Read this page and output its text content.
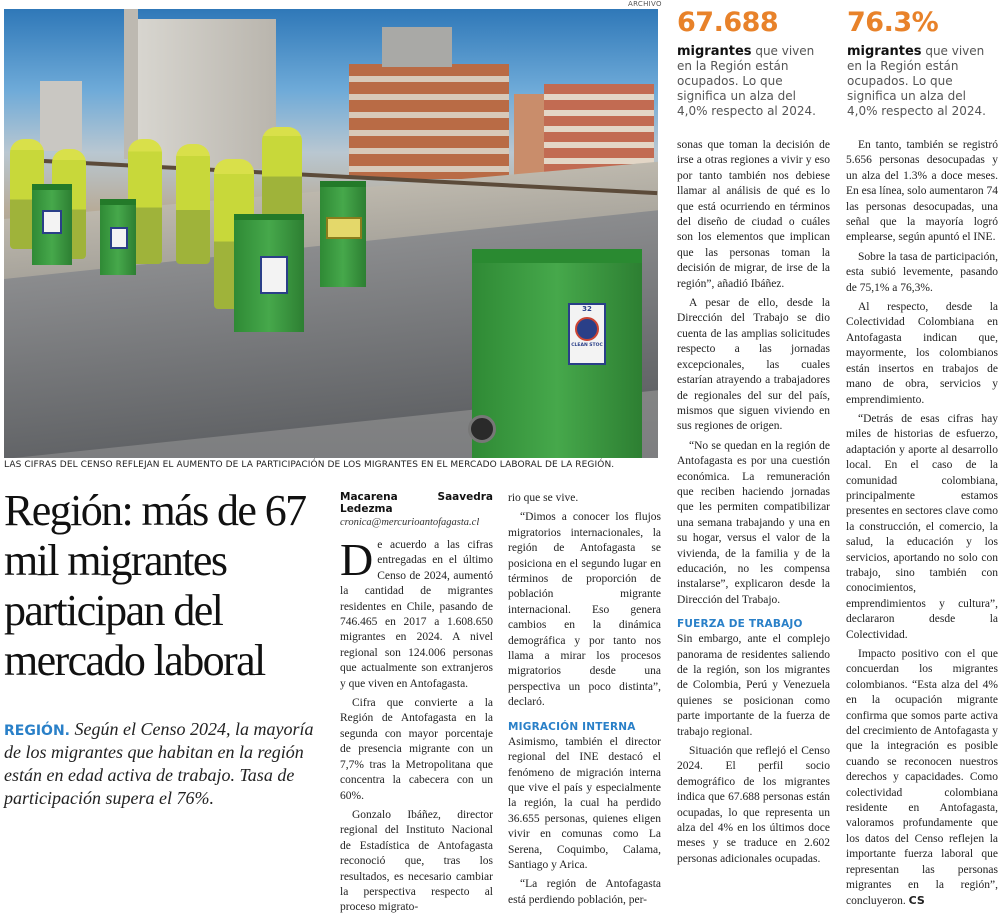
32
CLEAN STOC
ARCHIVO
LAS CIFRAS DEL CENSO REFLEJAN EL AUMENTO DE LA PARTICIPACIÓN DE LOS MIGRANTES EN EL MERCADO LABORAL DE LA REGIÓN.
67.688
migrantes que viven en la Región están ocupados. Lo que significa un alza del 4,0% respecto al 2024.
76.3%
migrantes que viven en la Región están ocupados. Lo que significa un alza del 4,0% respecto al 2024.
Región: más de 67 mil migrantes participan del mercado laboral
REGIÓN. Según el Censo 2024, la mayoría de los migrantes que habitan en la región están en edad activa de trabajo. Tasa de participación supera el 76%.
Macarena Saavedra Ledezma
cronica@mercurioantofagasta.cl

De acuerdo a las cifras entregadas en el último Censo de 2024, aumentó la cantidad de migrantes residentes en Chile, pasando de 746.465 en 2017 a 1.608.650 migrantes en 2024. A nivel regional son 124.006 personas que actualmente son extranjeros y que viven en Antofagasta.

Cifra que convierte a la Región de Antofagasta en la segunda con mayor porcentaje de presencia migrante con un 7,7% tras la Metropolitana que concentra la cabecera con un 60%.

Gonzalo Ibáñez, director regional del Instituto Nacional de Estadística de Antofagasta reconoció que, tras los resultados, es necesario cambiar la perspectiva respecto al proceso migrato-

rio que se vive.

“Dimos a conocer los flujos migratorios internacionales, la región de Antofagasta se posiciona en el segundo lugar en términos de proporción de población migrante internacional. Eso genera cambios en la dinámica demográfica y por tanto nos llama a mirar los procesos migratorios desde una perspectiva un poco distinta”, declaró.

MIGRACIÓN INTERNA

Asimismo, también el director regional del INE destacó el fenómeno de migración interna que vive el país y especialmente la región, la cual ha perdido 36.655 personas, quienes eligen vivir en comunas como La Serena, Coquimbo, Calama, Santiago y Arica.

“La región de Antofagasta está perdiendo población, per-

sonas que toman la decisión de irse a otras regiones a vivir y eso por tanto también nos debiese llamar al análisis de qué es lo que está ocurriendo en términos del diseño de ciudad o cuáles son los elementos que implican que las personas toman la decisión de migrar, de irse de la región”, añadió Ibáñez.

A pesar de ello, desde la Dirección del Trabajo se dio cuenta de las amplias solicitudes respecto a las jornadas excepcionales, las cuales estarían atrayendo a trabajadores de regionales del sur del país, mismos que siguen viviendo en sus regiones de origen.

“No se quedan en la región de Antofagasta es por una cuestión económica. La remuneración que reciben haciendo jornadas que les permiten compatibilizar una semana trabajando y una en su hogar, versus el valor de la vivienda, de la familia y de la educación, no les compensa instalarse”, explicaron desde la Dirección del Trabajo.

FUERZA DE TRABAJO

Sin embargo, ante el complejo panorama de residentes saliendo de la región, son los migrantes de Colombia, Perú y Venezuela quienes se posicionan como parte importante de la fuerza de trabajo regional.

Situación que reflejó el Censo 2024. El perfil socio demográfico de los migrantes indica que 67.688 personas están ocupadas, lo que representa un alza del 4% en los últimos doce meses y se traduce en 2.602 personas adicionales ocupadas.

En tanto, también se registró 5.656 personas desocupadas y un alza del 1.3% a doce meses. En esa línea, solo aumentaron 74 las personas desocupadas, una señal que la mayoría logró emplearse, según apuntó el INE.

Sobre la tasa de participación, esta subió levemente, pasando de 75,1% a 76,3%.

Al respecto, desde la Colectividad Colombiana en Antofagasta indican que, mayormente, los colombianos están insertos en trabajos de mano de obra, servicios y emprendimiento.

“Detrás de esas cifras hay miles de historias de esfuerzo, adaptación y aporte al desarrollo local. En el caso de la comunidad colombiana, principalmente estamos presentes en sectores clave como la construcción, el comercio, la salud, la educación y los servicios, aportando no solo con trabajo, sino también con conocimientos, emprendimientos y cultura”, declararon desde la Colectividad.

Impacto positivo con el que concuerdan los migrantes colombianos. “Esta alza del 4% en la ocupación migrante confirma que somos parte activa del crecimiento de Antofagasta y que la integración es posible cuando se reconocen nuestros derechos y capacidades. Como colectividad colombiana residente en Antofagasta, valoramos profundamente que los datos del Censo reflejen la importante fuerza laboral que representan las personas migrantes en la región”, concluyeron. CS
